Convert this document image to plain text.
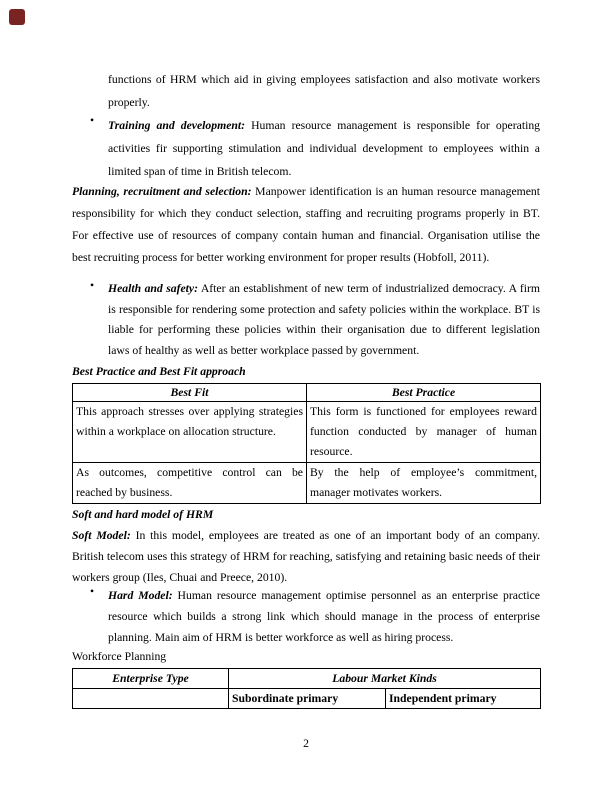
functions of HRM which aid in giving employees satisfaction and also motivate workers properly.

• Training and development: Human resource management is responsible for operating activities fir supporting stimulation and individual development to employees within a limited span of time in British telecom.

Planning, recruitment and selection: Manpower identification is an human resource management responsibility for which they conduct selection, staffing and recruiting programs properly in BT. For effective use of resources of company contain human and financial. Organisation utilise the best recruiting process for better working environment for proper results (Hobfoll, 2011).

• Health and safety: After an establishment of new term of industrialized democracy. A firm is responsible for rendering some protection and safety policies within the workplace. BT is liable for performing these policies within their organisation due to different legislation laws of healthy as well as better workplace passed by government.

Best Practice and Best Fit approach

Best Fit	Best Practice
This approach stresses over applying strategies within a workplace on allocation structure.	This form is functioned for employees reward function conducted by manager of human resource.
As outcomes, competitive control can be reached by business.	By the help of employee’s commitment, manager motivates workers.

Soft and hard model of HRM

Soft Model: In this model, employees are treated as one of an important body of an company. British telecom uses this strategy of HRM for reaching, satisfying and retaining basic needs of their workers group (Iles, Chuai and Preece, 2010).

• Hard Model: Human resource management optimise personnel as an enterprise practice resource which builds a strong link which should manage in the process of enterprise planning. Main aim of HRM is better workforce as well as hiring process.

Workforce Planning

Enterprise Type	Labour Market Kinds	
	Subordinate primary	Independent primary
2
